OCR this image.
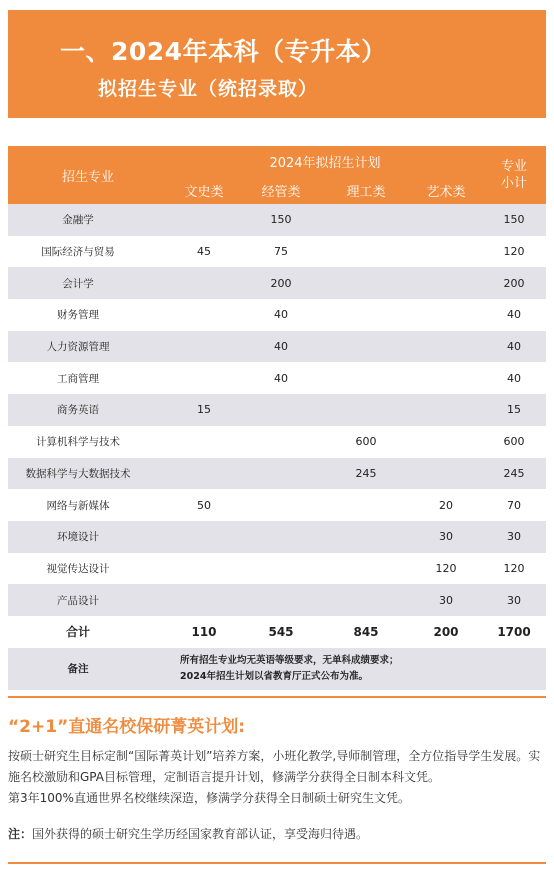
一、2024年本科（专升本）
拟招生专业（统招录取）
招生专业	2024年拟招生计划				专业小计
	文史类	经管类	理工类	艺术类	
金融学		150			150
国际经济与贸易	45	75			120
会计学		200			200
财务管理		40			40
人力资源管理		40			40
工商管理		40			40
商务英语	15				15
计算机科学与技术			600		600
数据科学与大数据技术			245		245
网络与新媒体	50			20	70
环境设计				30	30
视觉传达设计				120	120
产品设计				30	30
合计	110	545	845	200	1700
备注	所有招生专业均无英语等级要求，无单科成绩要求；
2024年招生计划以省教育厅正式公布为准。				
“2+1”直通名校保研菁英计划:

按硕士研究生目标定制“国际菁英计划”培养方案，小班化教学,导师制管理，全方位指导学生发展。实施名校激励和GPA目标管理，定制语言提升计划，修满学分获得全日制本科文凭。

第3年100%直通世界名校继续深造，修满学分获得全日制硕士研究生文凭。

注：国外获得的硕士研究生学历经国家教育部认证，享受海归待遇。
